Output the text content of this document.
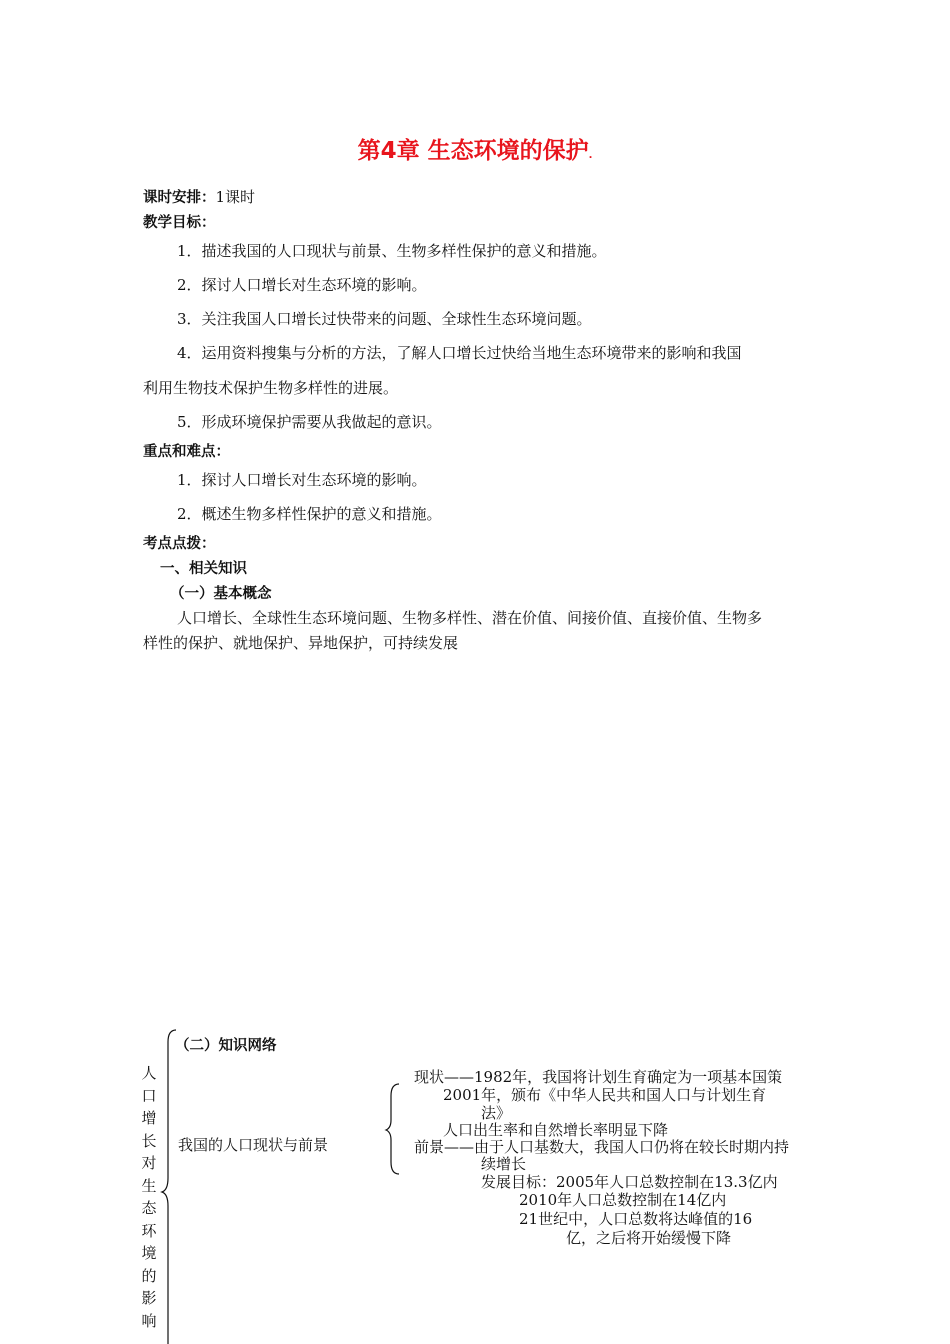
第4章 生态环境的保护.
课时安排：1课时
教学目标：
1．描述我国的人口现状与前景、生物多样性保护的意义和措施。
2．探讨人口增长对生态环境的影响。
3．关注我国人口增长过快带来的问题、全球性生态环境问题。
4．运用资料搜集与分析的方法，了解人口增长过快给当地生态环境带来的影响和我国
利用生物技术保护生物多样性的进展。
5．形成环境保护需要从我做起的意识。
重点和难点：
1．探讨人口增长对生态环境的影响。
2．概述生物多样性保护的意义和措施。
考点点拨：
一、相关知识
（一）基本概念
人口增长、全球性生态环境问题、生物多样性、潜在价值、间接价值、直接价值、生物多
样性的保护、就地保护、异地保护，可持续发展
（二）知识网络
人口增长对生态环境的影响
我国的人口现状与前景
现状——1982年，我国将计划生育确定为一项基本国策
2001年，颁布《中华人民共和国人口与计划生育
法》
人口出生率和自然增长率明显下降
前景——由于人口基数大，我国人口仍将在较长时期内持
续增长
发展目标：2005年人口总数控制在13.3亿内
2010年人口总数控制在14亿内
21世纪中，人口总数将达峰值的16
亿，之后将开始缓慢下降
